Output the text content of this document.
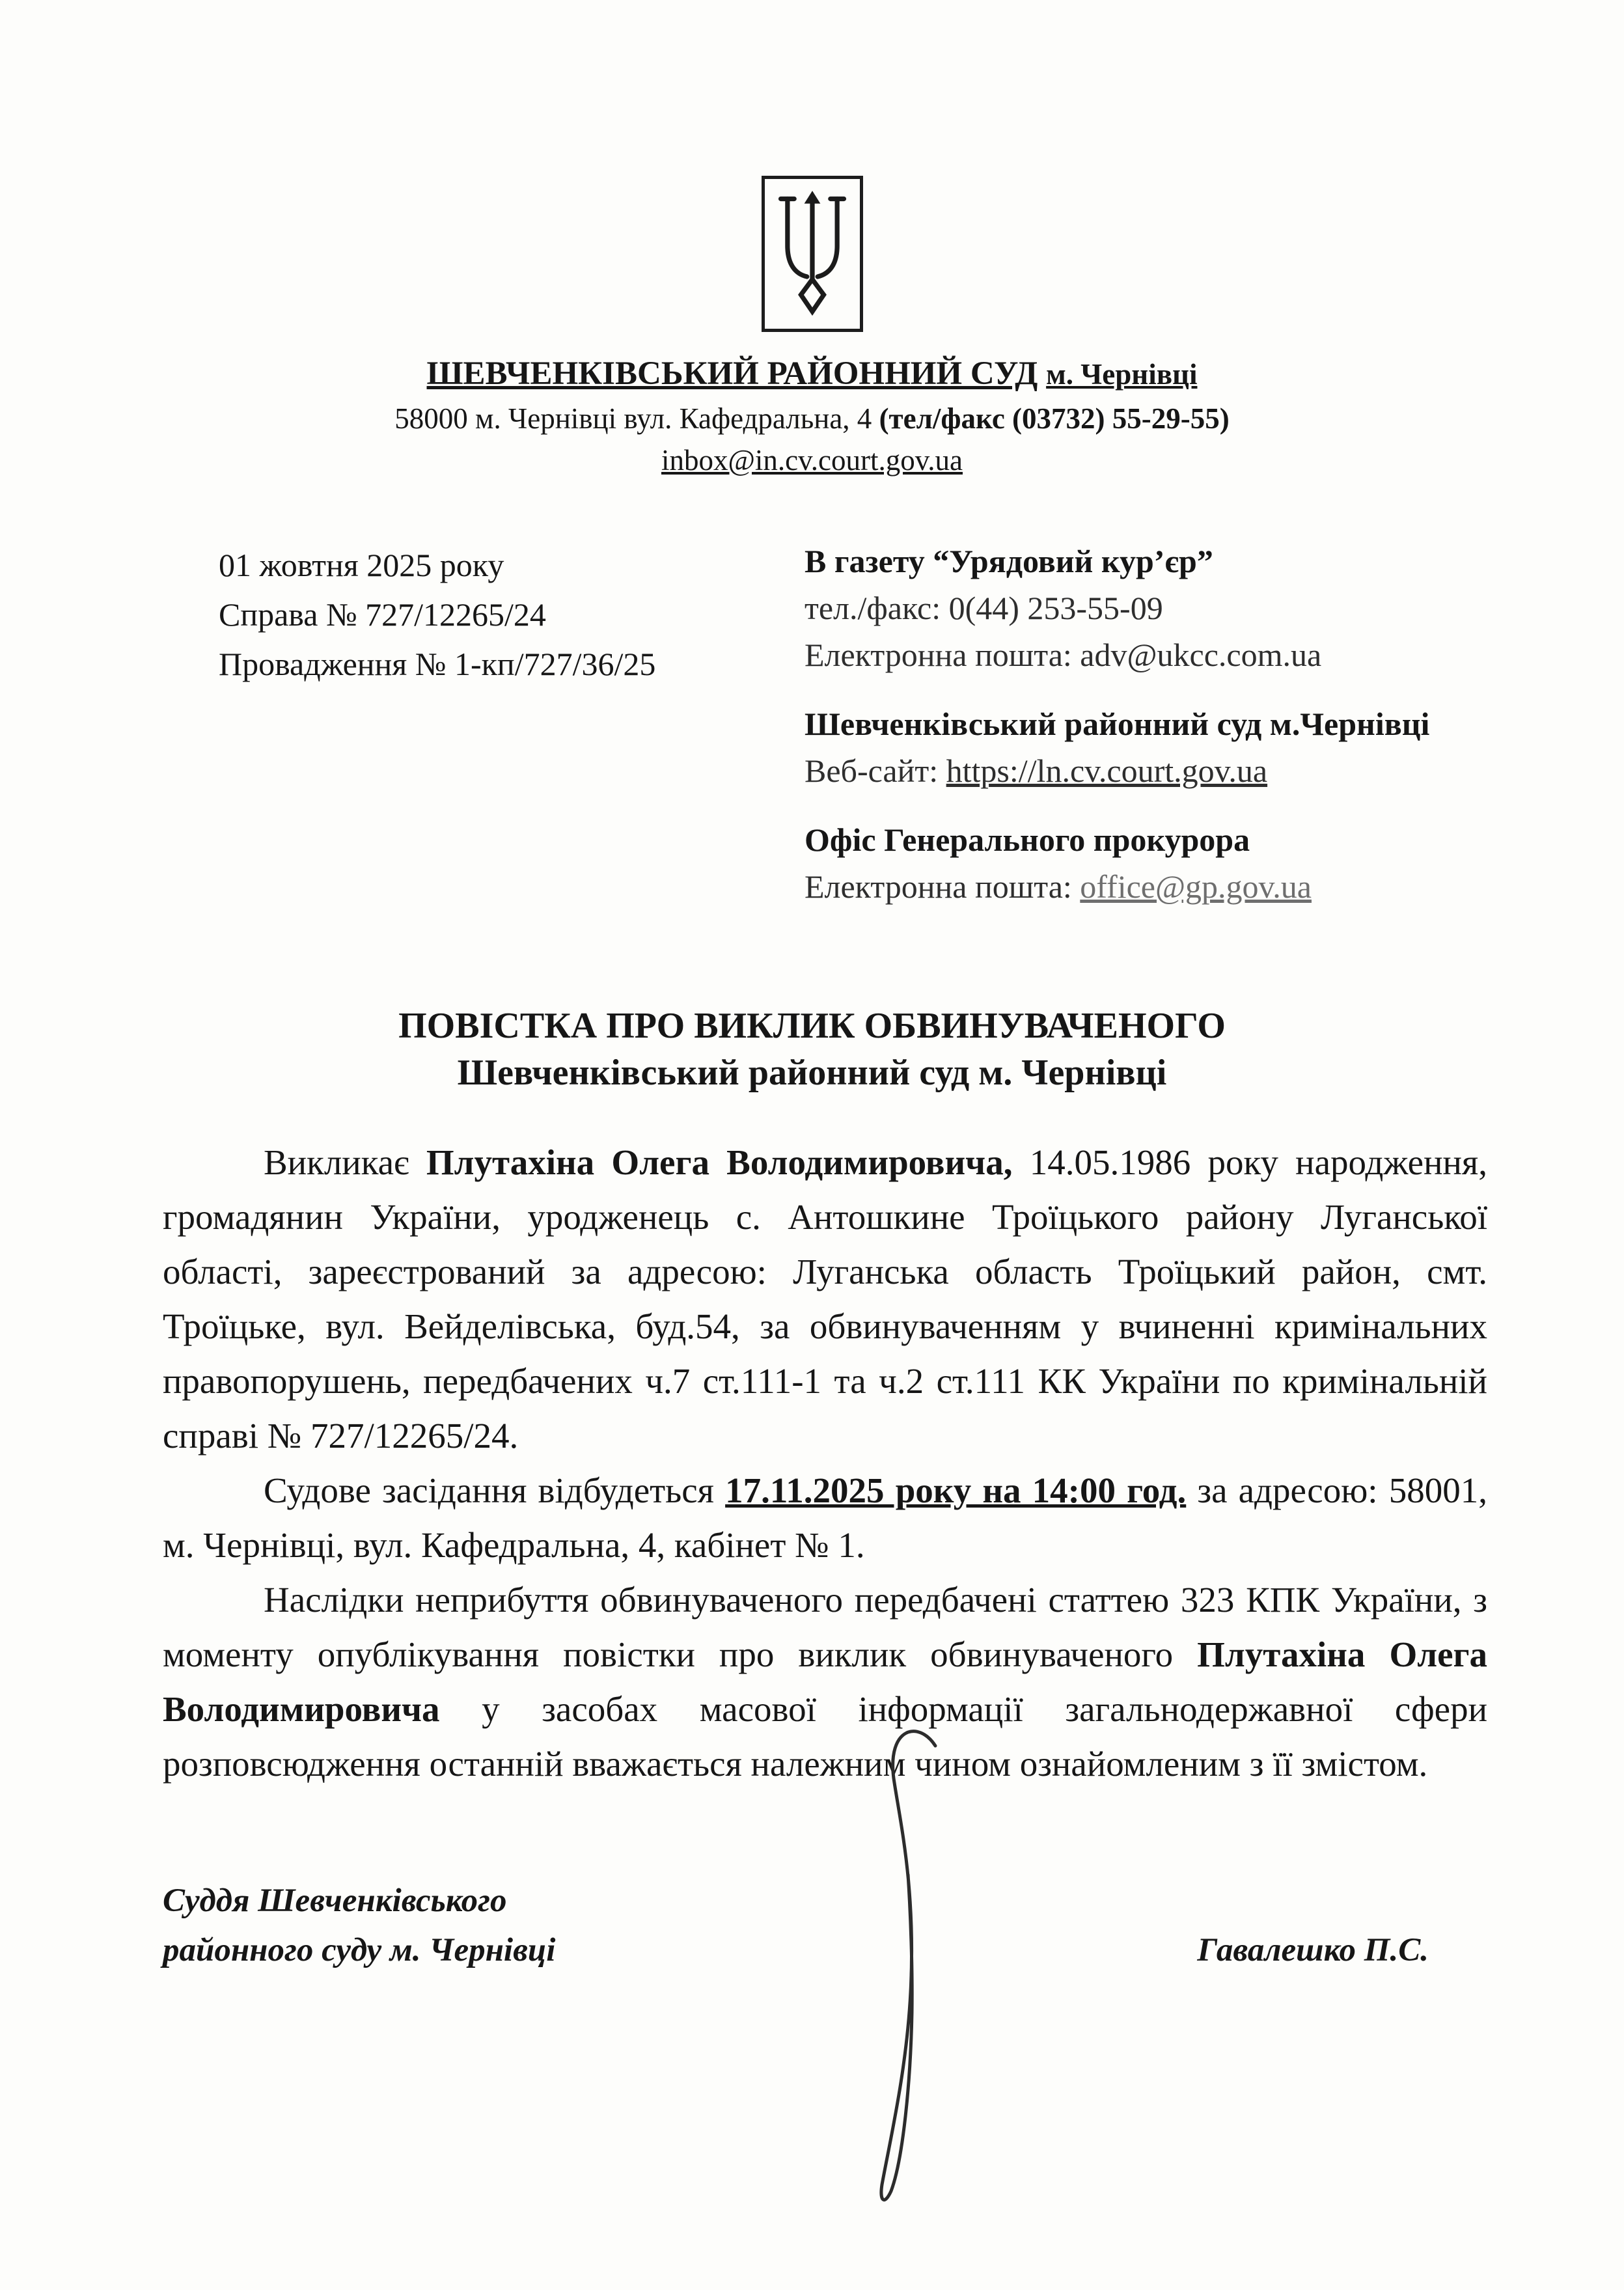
ШЕВЧЕНКІВСЬКИЙ РАЙОННИЙ СУД м. Чернівці
58000 м. Чернівці вул. Кафедральна, 4 (тел/факс (03732) 55-29-55)
inbox@in.cv.court.gov.ua
01 жовтня 2025 року
Справа № 727/12265/24
Провадження № 1-кп/727/36/25
В газету “Урядовий кур’єр”
тел./факс: 0(44) 253-55-09
Електронна пошта: adv@ukcc.com.ua
Шевченківський районний суд м.Чернівці
Веб-сайт: https://ln.cv.court.gov.ua
Офіс Генерального прокурора
Електронна пошта: office@gp.gov.ua
ПОВІСТКА ПРО ВИКЛИК ОБВИНУВАЧЕНОГО
Шевченківський районний суд м. Чернівці

Викликає Плутахіна Олега Володимировича, 14.05.1986 року народження, громадянин України, уродженець с. Антошкине Троїцького району Луганської області, зареєстрований за адресою: Луганська область Троїцький район, смт. Троїцьке, вул. Вейделівська, буд.54, за обвинуваченням у вчиненні кримінальних правопорушень, передбачених ч.7 ст.111-1 та ч.2 ст.111 КК України по кримінальній справі № 727/12265/24.

Судове засідання відбудеться 17.11.2025 року на 14:00 год. за адресою: 58001, м. Чернівці, вул. Кафедральна, 4, кабінет № 1.

Наслідки неприбуття обвинуваченого передбачені статтею 323 КПК України, з моменту опублікування повістки про виклик обвинуваченого Плутахіна Олега Володимировича у засобах масової інформації загальнодержавної сфери розповсюдження останній вважається належним чином ознайомленим з її змістом.

Суддя Шевченківського
районного суду м. Чернівці	Гавалешко П.С.
